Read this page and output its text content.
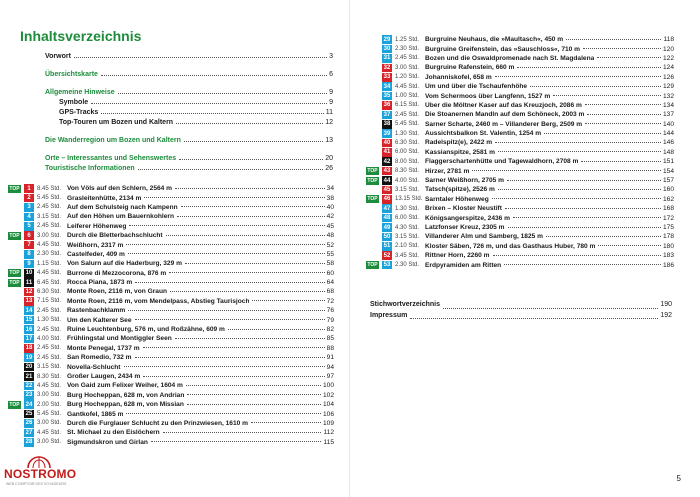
Inhaltsverzeichnis
Vorwort	3
Übersichtskarte	6
Allgemeine Hinweise	9
Symbole	9
GPS-Tracks	11
Top-Touren um Bozen und Kaltern	12
Die Wanderregion um Bozen und Kaltern	13
Orte – Interessantes und Sehenswertes	20
Touristische Informationen	26
TOP	1	8.45 Std. Von Völs auf den Schlern, 2564 m	34
2	5.45 Std. Grasleitenhütte, 2134 m	38
3	2.45 Std. Auf dem Schulsteig nach Kampenn	40
4	3.15 Std. Auf den Höhen um Bauernkohlern	42
5	2.45 Std. Leiferer Höhenweg	45
TOP	6	3.00 Std. Durch die Bletterbachschlucht	48
7	4.45 Std. Weißhorn, 2317 m	52
8	2.30 Std. Castelfeder, 409 m	55
9	1.15 Std. Von Salurn auf die Haderburg, 329 m	58
TOP 10 4.45 Std. Burrone di Mezzocorona, 876 m	60
TOP	11 6.45 Std. Rocca Piana, 1873 m	64
12 6.30 Std. Monte Roen, 2116 m, von Graun	68
13 7.15 Std. Monte Roen, 2116 m, vom Mendelpass, Abstieg Taurisjoch	72
14 2.45 Std. Rastenbachklamm	76
15 1.30 Std. Um den Kalterer See	79
16 2.45 Std. Ruine Leuchtenburg, 576 m, und Roßzähne, 609 m	82
17 4.00 Std. Frühlingstal und Montiggler Seen	85
18 2.45 Std. Monte Penegal, 1737 m	88
19 2.45 Std. San Romedio, 732 m	91
20 3.15 Std. Novella-Schlucht	94
21 8.30 Std. Großer Laugen, 2434 m	97
22 4.45 Std. Von Gaid zum Felixer Weiher, 1604 m	100
23 3.00 Std. Burg Hocheppan, 628 m, von Andrian	102
TOP 24 2.00 Std. Burg Hocheppan, 628 m, von Missian	104
25 5.45 Std. Gantkofel, 1865 m	106
26 3.00 Std. Durch die Furglauer Schlucht zu den Prinzwiesen, 1610 m	109
27 4.45 Std. St. Michael zu den Eislöchern	112
28 3.00 Std. Sigmundskron und Girlan	115
29 1.25 Std. Burgruine Neuhaus, die »Maultasch«, 450 m	118
30 2.30 Std. Burgruine Greifenstein, das »Sauschloss«, 710 m	120
31 2.45 Std. Bozen und die Oswaldpromenade nach St. Magdalena	122
32 3.00 Std. Burgruine Rafenstein, 660 m	124
33 1.20 Std. Johanniskofel, 658 m	126
34 4.45 Std. Um und über die Tschaufenhöhe	129
35 1.00 Std. Vom Schermoos über Langfenn, 1527 m	132
36 6.15 Std. Über die Möltner Kaser auf das Kreuzjoch, 2086 m	134
37 2.45 Std. Die Stoanernen Mandln auf dem Schöneck, 2003 m	137
38 5.45 Std. Sarner Scharte, 2460 m – Villanderer Berg, 2509 m	140
39 1.30 Std. Aussichtsbalkon St. Valentin, 1254 m	144
40 6.30 Std. Radelspitz(e), 2422 m	146
41 6.00 Std. Kassianspitze, 2581 m	148
42 8.00 Std. Flaggerschartenhütte und Tagewaldhorn, 2708 m	151
TOP 43 8.30 Std. Hirzer, 2781 m	154
TOP 44 4.00 Std. Sarner Weißhorn, 2705 m	157
45 3.15 Std. Tatsch(spitze), 2526 m	160
TOP 46 13.15 Std. Sarntaler Höhenweg	162
47 1.30 Std. Brixen – Kloster Neustift	168
48 6.00 Std. Königsangerspitze, 2436 m	172
49 4.30 Std. Latzfonser Kreuz, 2305 m	175
50 3.15 Std. Villanderer Alm und Samberg, 1825 m	178
51 2.10 Std. Kloster Säben, 726 m, und das Gasthaus Huber, 780 m	180
52 3.45 Std. Rittner Horn, 2260 m	183
TOP 53 2.30 Std. Erdpyramiden am Ritten	186
Stichwortverzeichnis	190
Impressum	192
5
NOSTROMO
WEB COMPTOIR DES VOYAGEURS
